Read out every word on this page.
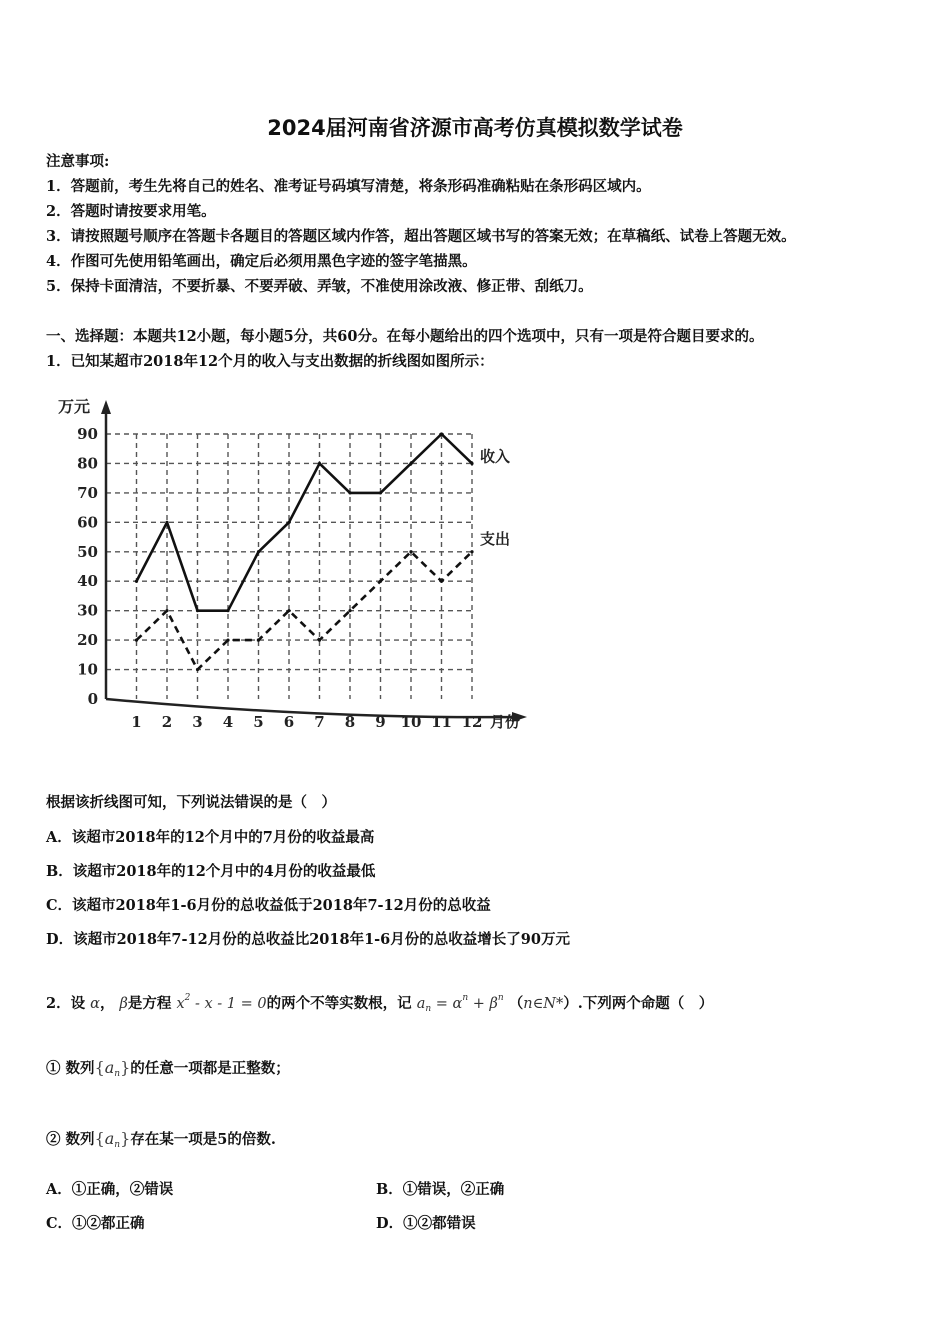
2024届河南省济源市高考仿真模拟数学试卷
注意事项:
1．答题前，考生先将自己的姓名、准考证号码填写清楚，将条形码准确粘贴在条形码区域内。
2．答题时请按要求用笔。
3．请按照题号顺序在答题卡各题目的答题区域内作答，超出答题区域书写的答案无效；在草稿纸、试卷上答题无效。
4．作图可先使用铅笔画出，确定后必须用黑色字迹的签字笔描黑。
5．保持卡面清洁，不要折暴、不要弄破、弄皱，不准使用涂改液、修正带、刮纸刀。
一、选择题：本题共12小题，每小题5分，共60分。在每小题给出的四个选项中，只有一项是符合题目要求的。
1．已知某超市2018年12个月的收入与支出数据的折线图如图所示：
0
10
20
30
40
50
60
70
80
90
1 2 3 4 5 6 7 8 9 10 11 12
万元
月份
收入
支出
根据该折线图可知，下列说法错误的是（　）
A．该超市2018年的12个月中的7月份的收益最高
B．该超市2018年的12个月中的4月份的收益最低
C．该超市2018年1-6月份的总收益低于2018年7-12月份的总收益
D．该超市2018年7-12月份的总收益比2018年1-6月份的总收益增长了90万元
2．设 α， β是方程 $x^2 - x - 1 = 0$的两个不等实数根，记 $a_n = \alpha^n + \beta^n$ （n∈N*）.下列两个命题（　）
① 数列$\{a_n\}$的任意一项都是正整数；
② 数列$\{a_n\}$存在某一项是5的倍数.
A．①正确，②错误	B．①错误，②正确
C．①②都正确	D．①②都错误
